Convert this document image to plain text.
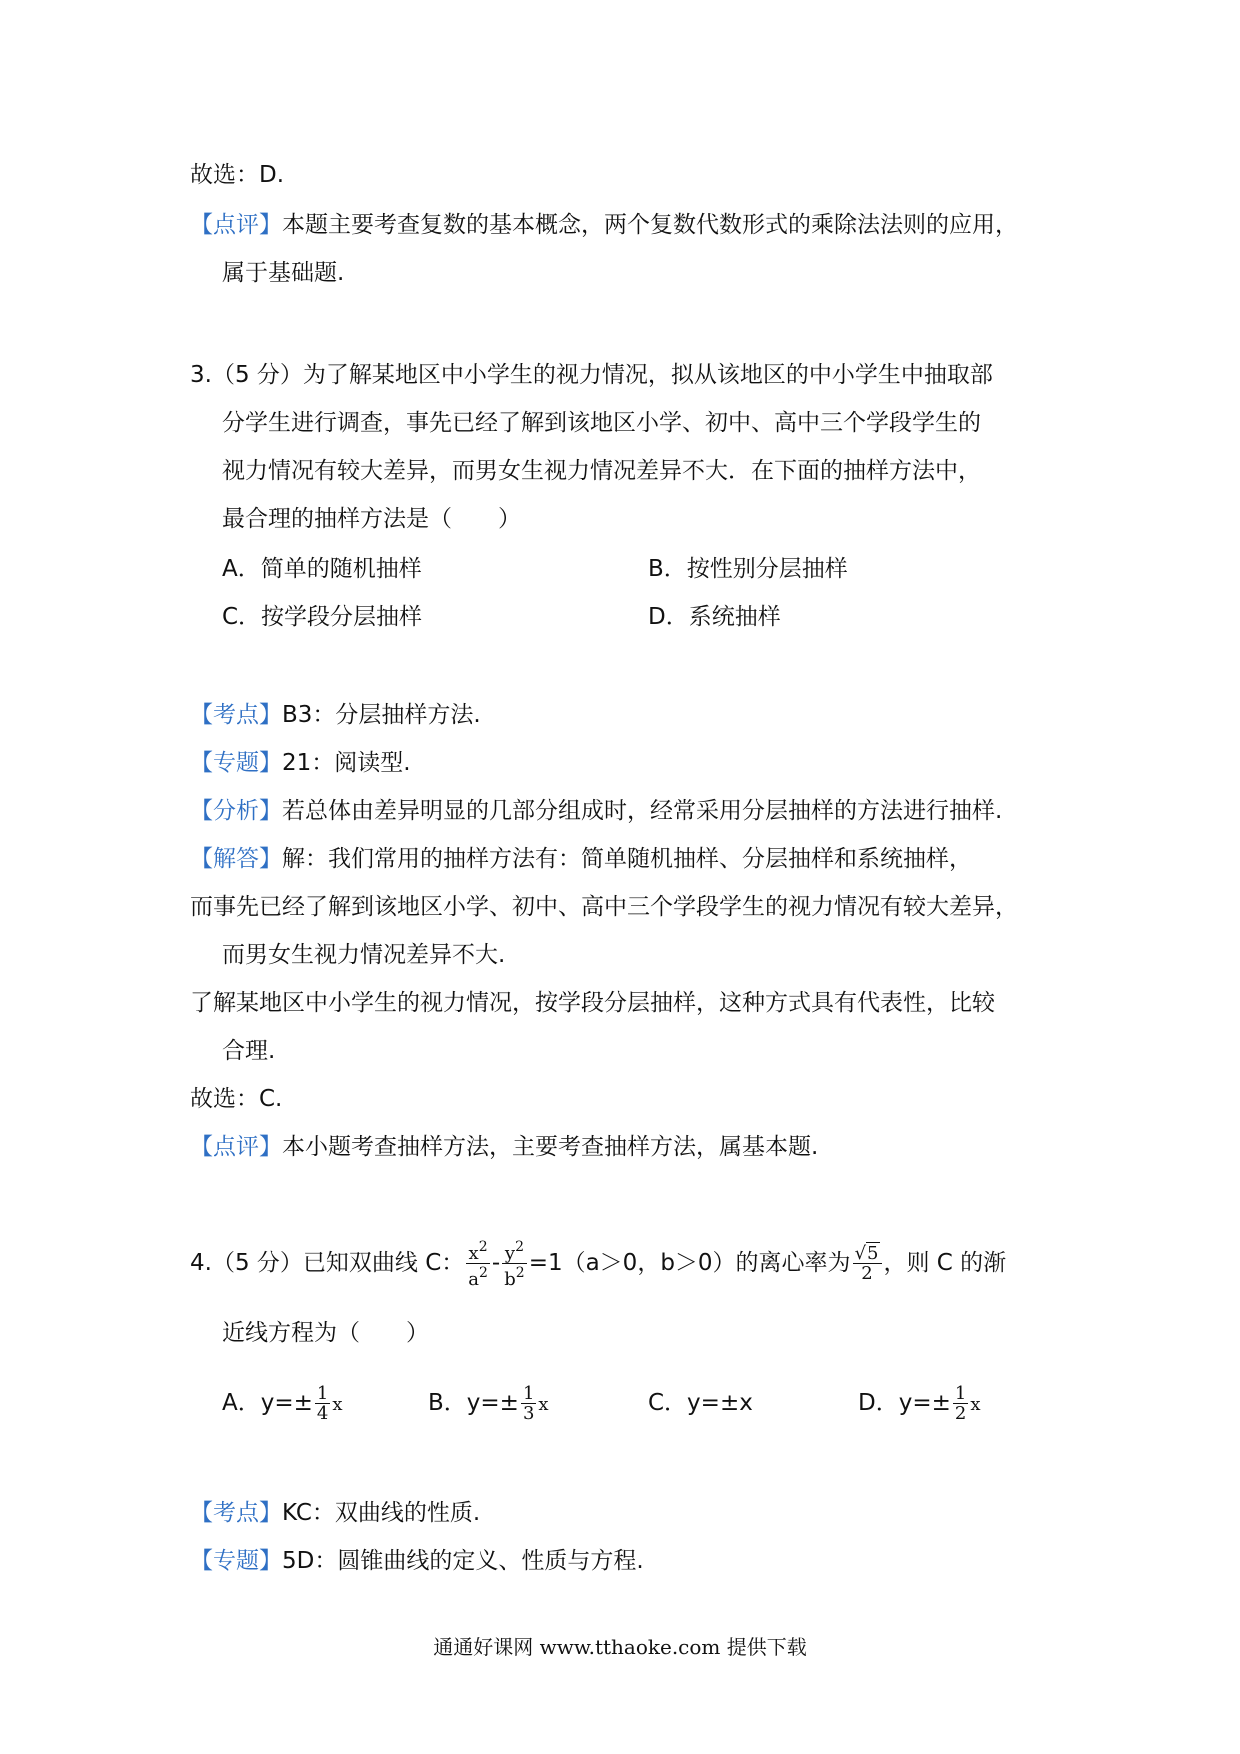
故选：D.
【点评】本题主要考查复数的基本概念，两个复数代数形式的乘除法法则的应用，
属于基础题.
3.（5 分）为了解某地区中小学生的视力情况，拟从该地区的中小学生中抽取部
分学生进行调查，事先已经了解到该地区小学、初中、高中三个学段学生的
视力情况有较大差异，而男女生视力情况差异不大．在下面的抽样方法中，
最合理的抽样方法是（　　）
A．简单的随机抽样	B．按性别分层抽样
C．按学段分层抽样	D．系统抽样
【考点】B3：分层抽样方法.
【专题】21：阅读型.
【分析】若总体由差异明显的几部分组成时，经常采用分层抽样的方法进行抽样.
【解答】解：我们常用的抽样方法有：简单随机抽样、分层抽样和系统抽样，
而事先已经了解到该地区小学、初中、高中三个学段学生的视力情况有较大差异，
而男女生视力情况差异不大.
了解某地区中小学生的视力情况，按学段分层抽样，这种方式具有代表性，比较
合理.
故选：C.
【点评】本小题考查抽样方法，主要考查抽样方法，属基本题.
4.（5 分）已知双曲线 C： $\frac{x^2}{a^2} - \frac{y^2}{b^2} =1(a>0$，b＞0）的离心率为 $\frac{√5}{2}$ ，则 C 的渐
近线方程为（　　）
A．$y=\pm \frac{1}{4}$ x	B．$y=\pm \frac{1}{3}$ x	C．y=±x	D．$y=\pm \frac{1}{2}$ x
【考点】KC：双曲线的性质.
【专题】5D：圆锥曲线的定义、性质与方程.
通通好课网 www.tthaoke.com 提供下载
